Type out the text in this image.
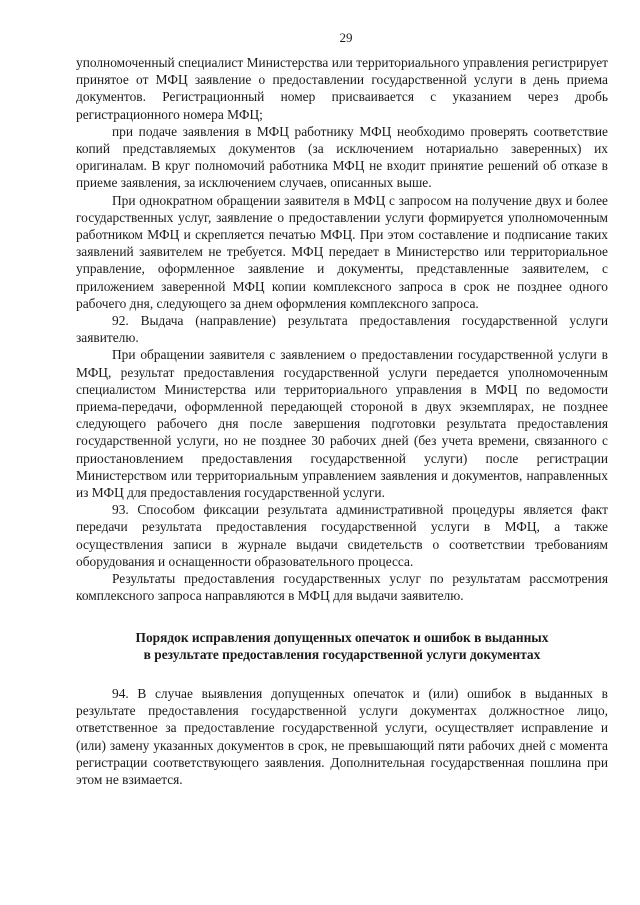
29

уполномоченный специалист Министерства или территориального управления регистрирует принятое от МФЦ заявление о предоставлении государственной услуги в день приема документов. Регистрационный номер присваивается с указанием через дробь регистрационного номера МФЦ;

при подаче заявления в МФЦ работнику МФЦ необходимо проверять соответствие копий представляемых документов (за исключением нотариально заверенных) их оригиналам. В круг полномочий работника МФЦ не входит принятие решений об отказе в приеме заявления, за исключением случаев, описанных выше.

При однократном обращении заявителя в МФЦ с запросом на получение двух и более государственных услуг, заявление о предоставлении услуги формируется уполномоченным работником МФЦ и скрепляется печатью МФЦ. При этом составление и подписание таких заявлений заявителем не требуется. МФЦ передает в Министерство или территориальное управление, оформленное заявление и документы, представленные заявителем, с приложением заверенной МФЦ копии комплексного запроса в срок не позднее одного рабочего дня, следующего за днем оформления комплексного запроса.

92. Выдача (направление) результата предоставления государственной услуги заявителю.

При обращении заявителя с заявлением о предоставлении государственной услуги в МФЦ, результат предоставления государственной услуги передается уполномоченным специалистом Министерства или территориального управления в МФЦ по ведомости приема-передачи, оформленной передающей стороной в двух экземплярах, не позднее следующего рабочего дня после завершения подготовки результата предоставления государственной услуги, но не позднее 30 рабочих дней (без учета времени, связанного с приостановлением предоставления государственной услуги) после регистрации Министерством или территориальным управлением заявления и документов, направленных из МФЦ для предоставления государственной услуги.

93. Способом фиксации результата административной процедуры является факт передачи результата предоставления государственной услуги в МФЦ, а также осуществления записи в журнале выдачи свидетельств о соответствии требованиям оборудования и оснащенности образовательного процесса.

Результаты предоставления государственных услуг по результатам рассмотрения комплексного запроса направляются в МФЦ для выдачи заявителю.

Порядок исправления допущенных опечаток и ошибок в выданных
в результате предоставления государственной услуги документах

94. В случае выявления допущенных опечаток и (или) ошибок в выданных в результате предоставления государственной услуги документах должностное лицо, ответственное за предоставление государственной услуги, осуществляет исправление и (или) замену указанных документов в срок, не превышающий пяти рабочих дней с момента регистрации соответствующего заявления. Дополнительная государственная пошлина при этом не взимается.
